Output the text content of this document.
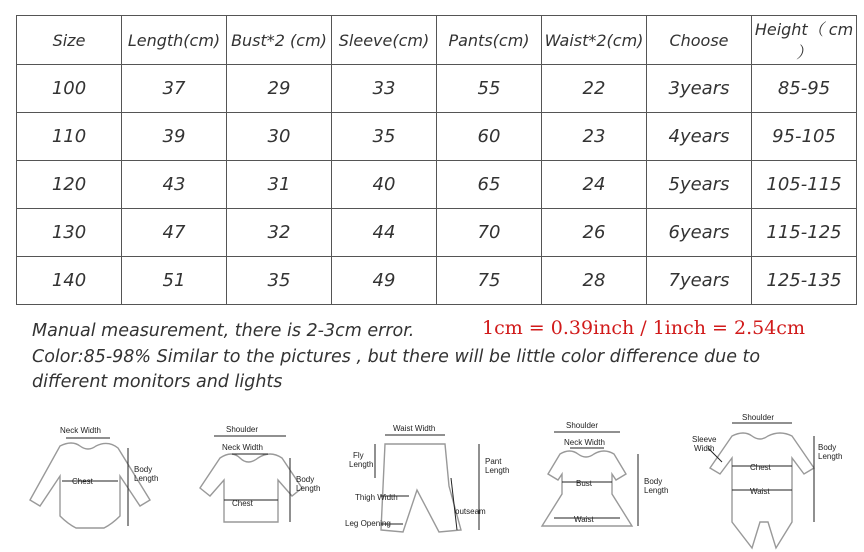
Size	Length(cm)	Bust*2 (cm)	Sleeve(cm)	Pants(cm)	Waist*2(cm)	Choose	Height（ cm ）
100	37	29	33	55	22	3years	85-95
110	39	30	35	60	23	4years	95-105
120	43	31	40	65	24	5years	105-115
130	47	32	44	70	26	6years	115-125
140	51	35	49	75	28	7years	125-135
Manual measurement, there is 2-3cm error.	1cm = 0.39inch / 1inch = 2.54cm
Color:85-98% Similar to the pictures , but there will be little color difference due to
different monitors and lights
Neck Width
Chest
Body
Length
Shoulder
Neck Width
Chest
Body
Length
Waist Width
Fly
Length	Pant
Length
Thigh Width
outseam
Leg Opening
Shoulder
Neck Width
Bust
Waist
Body
Length
Shoulder
Sleeve
Width
Chest
Waist
Body
Length
